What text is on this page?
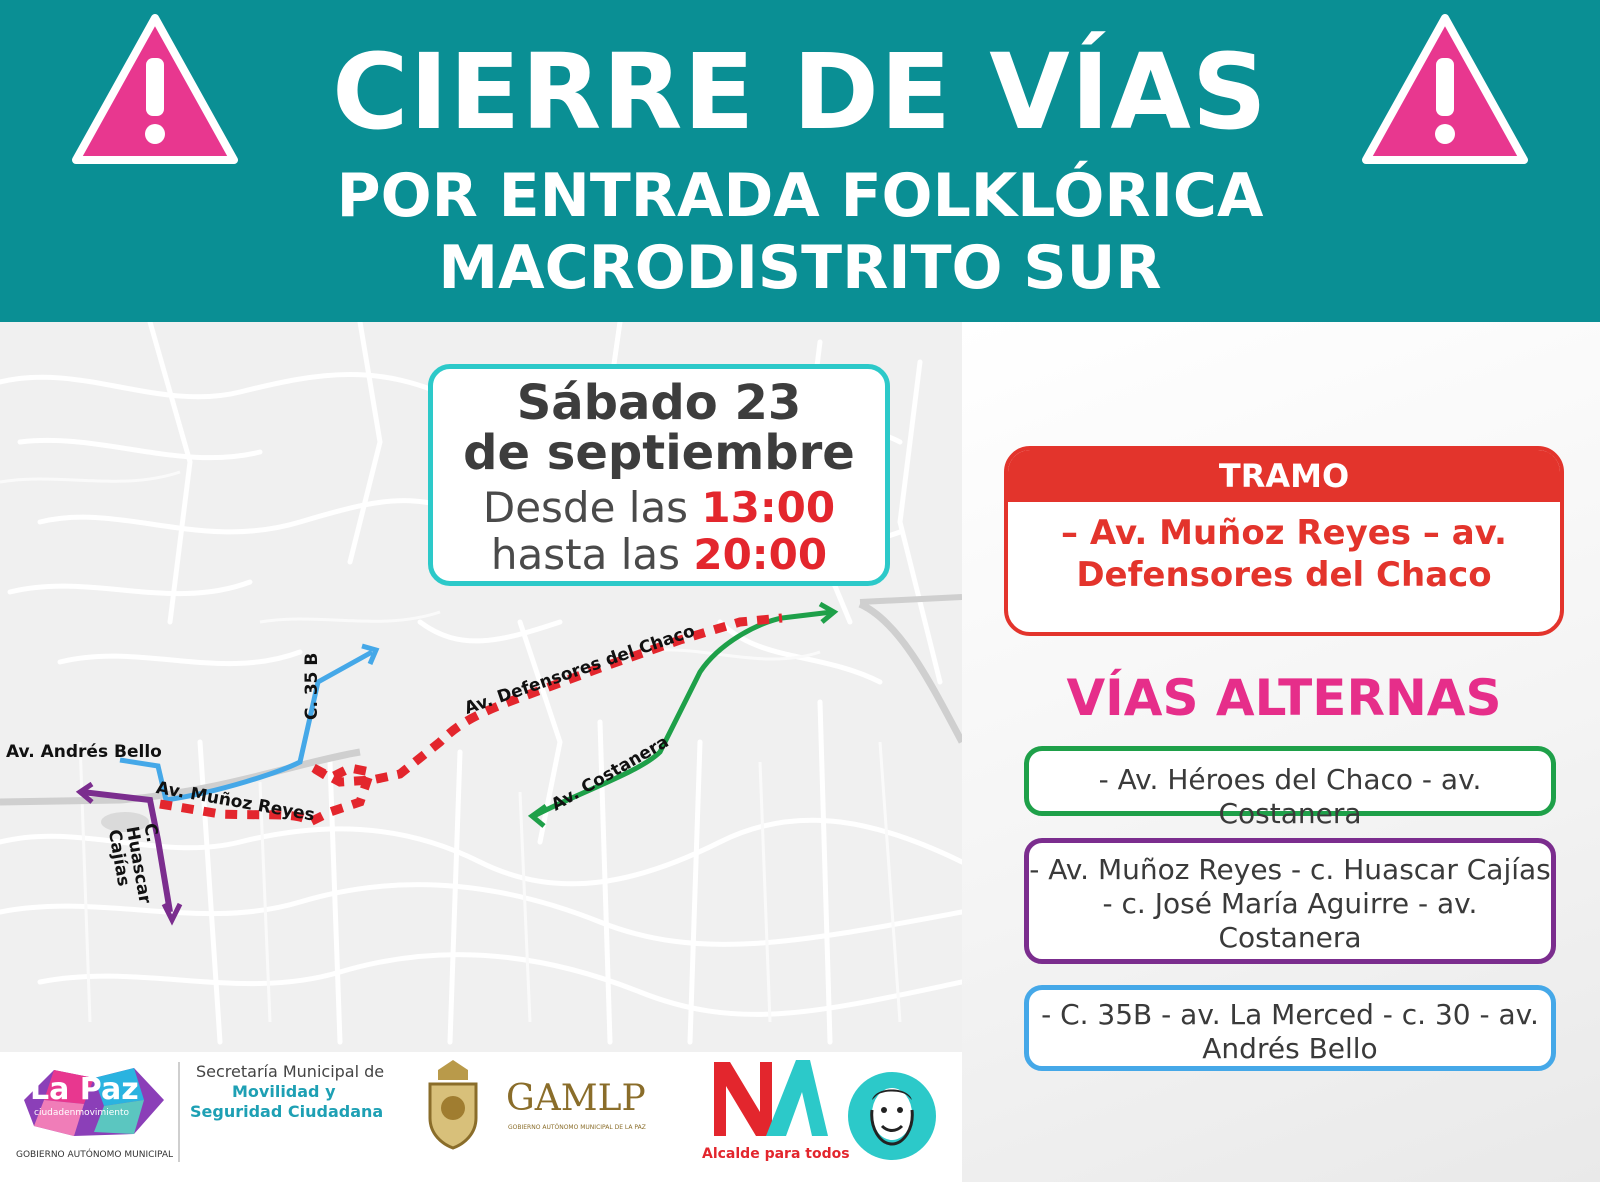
CIERRE DE VÍAS
POR ENTRADA FOLKLÓRICA
MACRODISTRITO SUR
Av. Andrés Bello
C. 35 B	Av. Defensores del Chaco
Av. Muñoz Reyes
C. Huascar Cajías
Av. Costanera
Sábado 23
de septiembre
Desde las 13:00
hasta las 20:00
TRAMO
– Av. Muñoz Reyes – av. Defensores del Chaco
VÍAS ALTERNAS
- Av. Héroes del Chaco - av. Costanera
- Av. Muñoz Reyes - c. Huascar Cajías - c. José María Aguirre - av. Costanera
- C. 35B - av. La Merced - c. 30 - av. Andrés Bello
La Paz
ciudadenmovimiento
GOBIERNO AUTÓNOMO MUNICIPAL
Secretaría Municipal de
Movilidad y
Seguridad Ciudadana	GAMLP
GOBIERNO AUTÓNOMO MUNICIPAL DE LA PAZ
Alcalde para todos
